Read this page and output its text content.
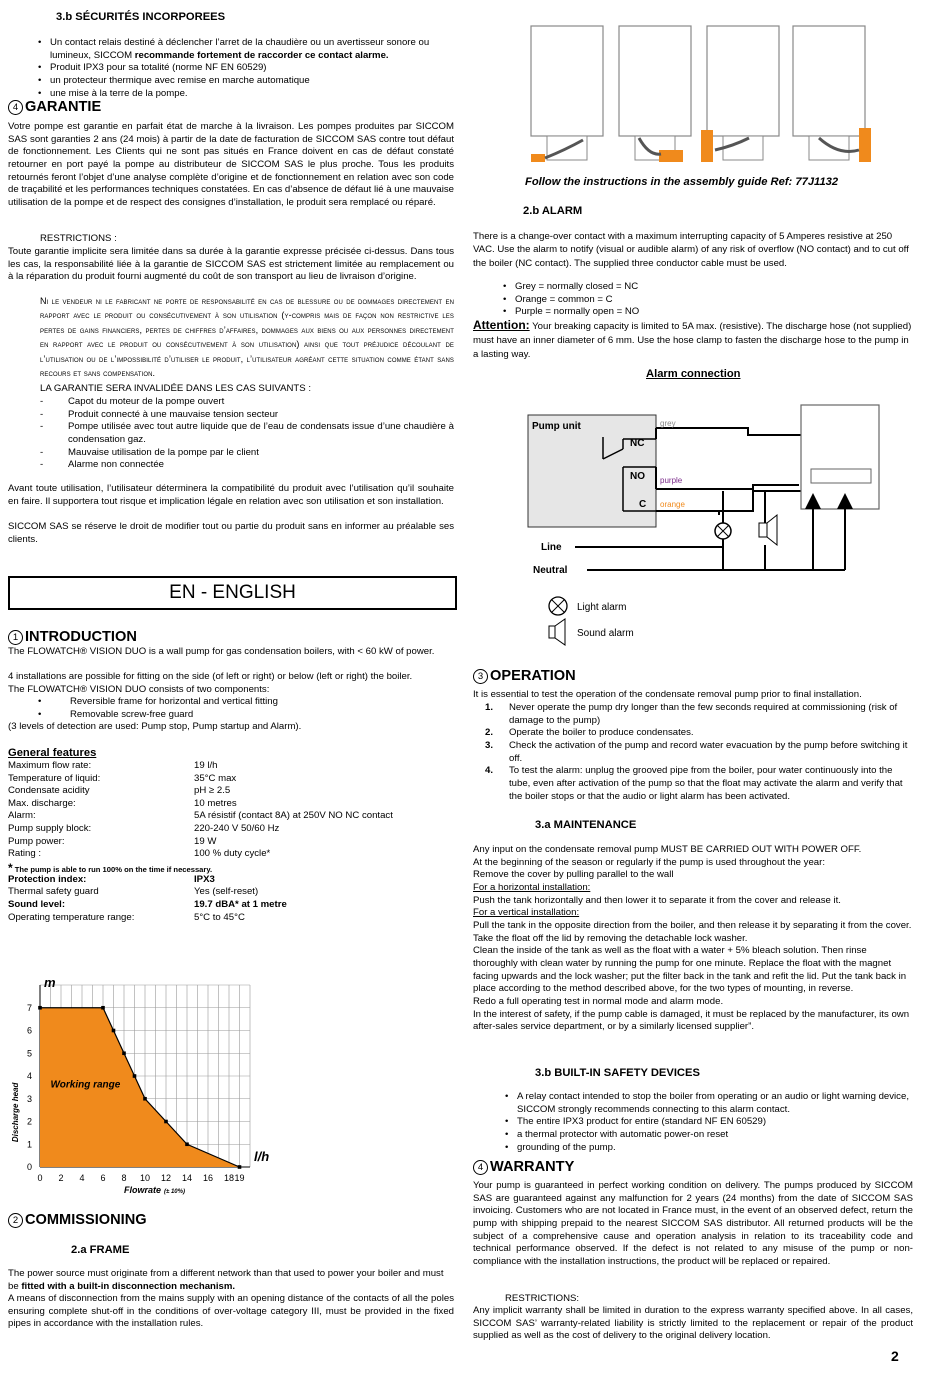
3.b SÉCURITÉS INCORPOREES
• Un contact relais destiné à déclencher l’arret de la chaudière ou un avertisseur sonore ou lumineux, SICCOM recommande fortement de raccorder ce contact alarme.
• Produit IPX3 pour sa totalité (norme NF EN 60529)
• un protecteur thermique avec remise en marche automatique
• une mise à la terre de la pompe.
4 GARANTIE

Votre pompe est garantie en parfait état de marche à la livraison. Les pompes produites par SICCOM SAS sont garanties 2 ans (24 mois) à partir de la date de facturation de SICCOM SAS contre tout défaut de fonctionnement. Les Clients qui ne sont pas situés en France doivent en cas de défaut constaté retourner en port payé la pompe au distributeur de SICCOM SAS le plus proche. Tous les produits retournés feront l’objet d’une analyse complète d’origine et de fonctionnement en relation avec son code de traçabilité et les performances techniques constatées. En cas d’absence de défaut lié à une mauvaise utilisation de la pompe et de respect des consignes d’installation, le produit sera remplacé ou réparé.

RESTRICTIONS :

Toute garantie implicite sera limitée dans sa durée à la garantie expresse précisée ci-dessus. Dans tous les cas, la responsabilité liée à la garantie de SICCOM SAS est strictement limitée au remplacement ou à la réparation du produit fourni augmenté du coût de son transport au lieu de livraison d’origine.

Ni le vendeur ni le fabricant ne porte de responsabilité en cas de blessure ou de dommages directement en rapport avec le produit ou consécutivement à son utilisation (y-compris mais de façon non restrictive les pertes de gains financiers, pertes de chiffres d’affaires, dommages aux biens ou aux personnes directement en rapport avec le produit ou consécutivement à son utilisation) ainsi que tout préjudice découlant de l’utilisation ou de l’impossibilité d’utiliser le produit, l’utilisateur agréant cette situation comme étant sans recours et sans compensation.

LA GARANTIE SERA INVALIDÉE DANS LES CAS SUIVANTS :
- Capot du moteur de la pompe ouvert
- Produit connecté à une mauvaise tension secteur
- Pompe utilisée avec tout autre liquide que de l’eau de condensats issue d’une chaudière à condensation gaz.
- Mauvaise utilisation de la pompe par le client
- Alarme non connectée

Avant toute utilisation, l’utilisateur déterminera la compatibilité du produit avec l’utilisation qu’il souhaite en faire. Il supportera tout risque et implication légale en relation avec son utilisation et son installation.

SICCOM SAS se réserve le droit de modifier tout ou partie du produit sans en informer au préalable ses clients.

EN - ENGLISH
1 INTRODUCTION

The FLOWATCH® VISION DUO is a wall pump for gas condensation boilers, with < 60 kW of power.

4 installations are possible for fitting on the side (of left or right) or below (left or right) the boiler.

The FLOWATCH® VISION DUO consists of two components:

• Reversible frame for horizontal and vertical fitting
• Removable screw-free guard

(3 levels of detection are used: Pump stop, Pump startup and Alarm).

General features
Maximum flow rate:	19 l/h
Temperature of liquid:	35°C max
Condensate acidity	pH ≥ 2.5
Max. discharge:	10 metres
Alarm:	5A résistif (contact 8A) at 250V NO NC contact
Pump supply block:	220-240 V 50/60 Hz
Pump power:	19 W
Rating :	100 % duty cycle*
* The pump is able to run 100% on the time if necessary.
Protection index:	IPX3
Thermal safety guard	Yes (self-reset)
Sound level:	19.7 dBA* at 1 metre
Operating temperature range:	5°C to 45°C
0 2 4 6 8 10 12 14 16 18 19
0
1
2
3
4
5
6
7
Working range
m
l/h
Discharge head
Flowrate (± 10%)
2 COMMISSIONING
2.a FRAME

The power source must originate from a different network than that used to power your boiler and must be fitted with a built-in disconnection mechanism.

A means of disconnection from the mains supply with an opening distance of the contacts of all the poles ensuring complete shut-off in the conditions of over-voltage category III, must be provided in the fixed pipes in accordance with the installation rules.

Follow the instructions in the assembly guide Ref: 77J1132
2.b ALARM

There is a change-over contact with a maximum interrupting capacity of 5 Amperes resistive at 250 VAC. Use the alarm to notify (visual or audible alarm) of any risk of overflow (NO contact) and to cut off the boiler (NC contact). The supplied three conductor cable must be used.

• Grey = normally closed = NC
• Orange = common = C
• Purple = normally open = NO

Attention: Your breaking capacity is limited to 5A max. (resistive). The discharge hose (not supplied) must have an inner diameter of 6 mm. Use the hose clamp to fasten the discharge hose to the pump in a lasting way.

Alarm connection
Pump unit
NC
NO
C
grey
purple
orange
Line
Neutral
Light alarm
Sound alarm
3 OPERATION

It is essential to test the operation of the condensate removal pump prior to final installation.

1. Never operate the pump dry longer than the few seconds required at commissioning (risk of damage to the pump)
2. Operate the boiler to produce condensates.
3. Check the activation of the pump and record water evacuation by the pump before switching it off.
4. To test the alarm: unplug the grooved pipe from the boiler, pour water continuously into the tube, even after activation of the pump so that the float may activate the alarm and verify that the boiler stops or that the audio or light alarm has been activated.
3.a MAINTENANCE

Any input on the condensate removal pump MUST BE CARRIED OUT WITH POWER OFF.

At the beginning of the season or regularly if the pump is used throughout the year:

Remove the cover by pulling parallel to the wall

For a horizontal installation:

Push the tank horizontally and then lower it to separate it from the cover and release it.

For a vertical installation:

Pull the tank in the opposite direction from the boiler, and then release it by separating it from the cover.

Take the float off the lid by removing the detachable lock washer.

Clean the inside of the tank as well as the float with a water + 5% bleach solution. Then rinse thoroughly with clean water by running the pump for one minute. Replace the float with the magnet facing upwards and the lock washer; put the filter back in the tank and refit the lid. Put the tank back in place according to the method described above, for the two types of mounting, in reverse.

Redo a full operating test in normal mode and alarm mode.

In the interest of safety, if the pump cable is damaged, it must be replaced by the manufacturer, its own after-sales service department, or by a similarly licensed supplier”.

3.b BUILT-IN SAFETY DEVICES
• A relay contact intended to stop the boiler from operating or an audio or light warning device, SICCOM strongly recommends connecting to this alarm contact.
• The entire IPX3 product for entire (standard NF EN 60529)
• a thermal protector with automatic power-on reset
• grounding of the pump.
4 WARRANTY

Your pump is guaranteed in perfect working condition on delivery. The pumps produced by SICCOM SAS are guaranteed against any malfunction for 2 years (24 months) from the date of SICCOM SAS invoicing. Customers who are not located in France must, in the event of an observed defect, return the pump with shipping prepaid to the nearest SICCOM SAS distributor. All returned products will be the subject of a comprehensive cause and operation analysis in relation to its traceability code and technical performance observed. If the defect is not related to any misuse of the pump or non-compliance with the installation instructions, the product will be replaced or repaired.

RESTRICTIONS:

Any implicit warranty shall be limited in duration to the express warranty specified above. In all cases, SICCOM SAS’ warranty-related liability is strictly limited to the replacement or repair of the product supplied as well as the cost of delivery to the original delivery location.

2
